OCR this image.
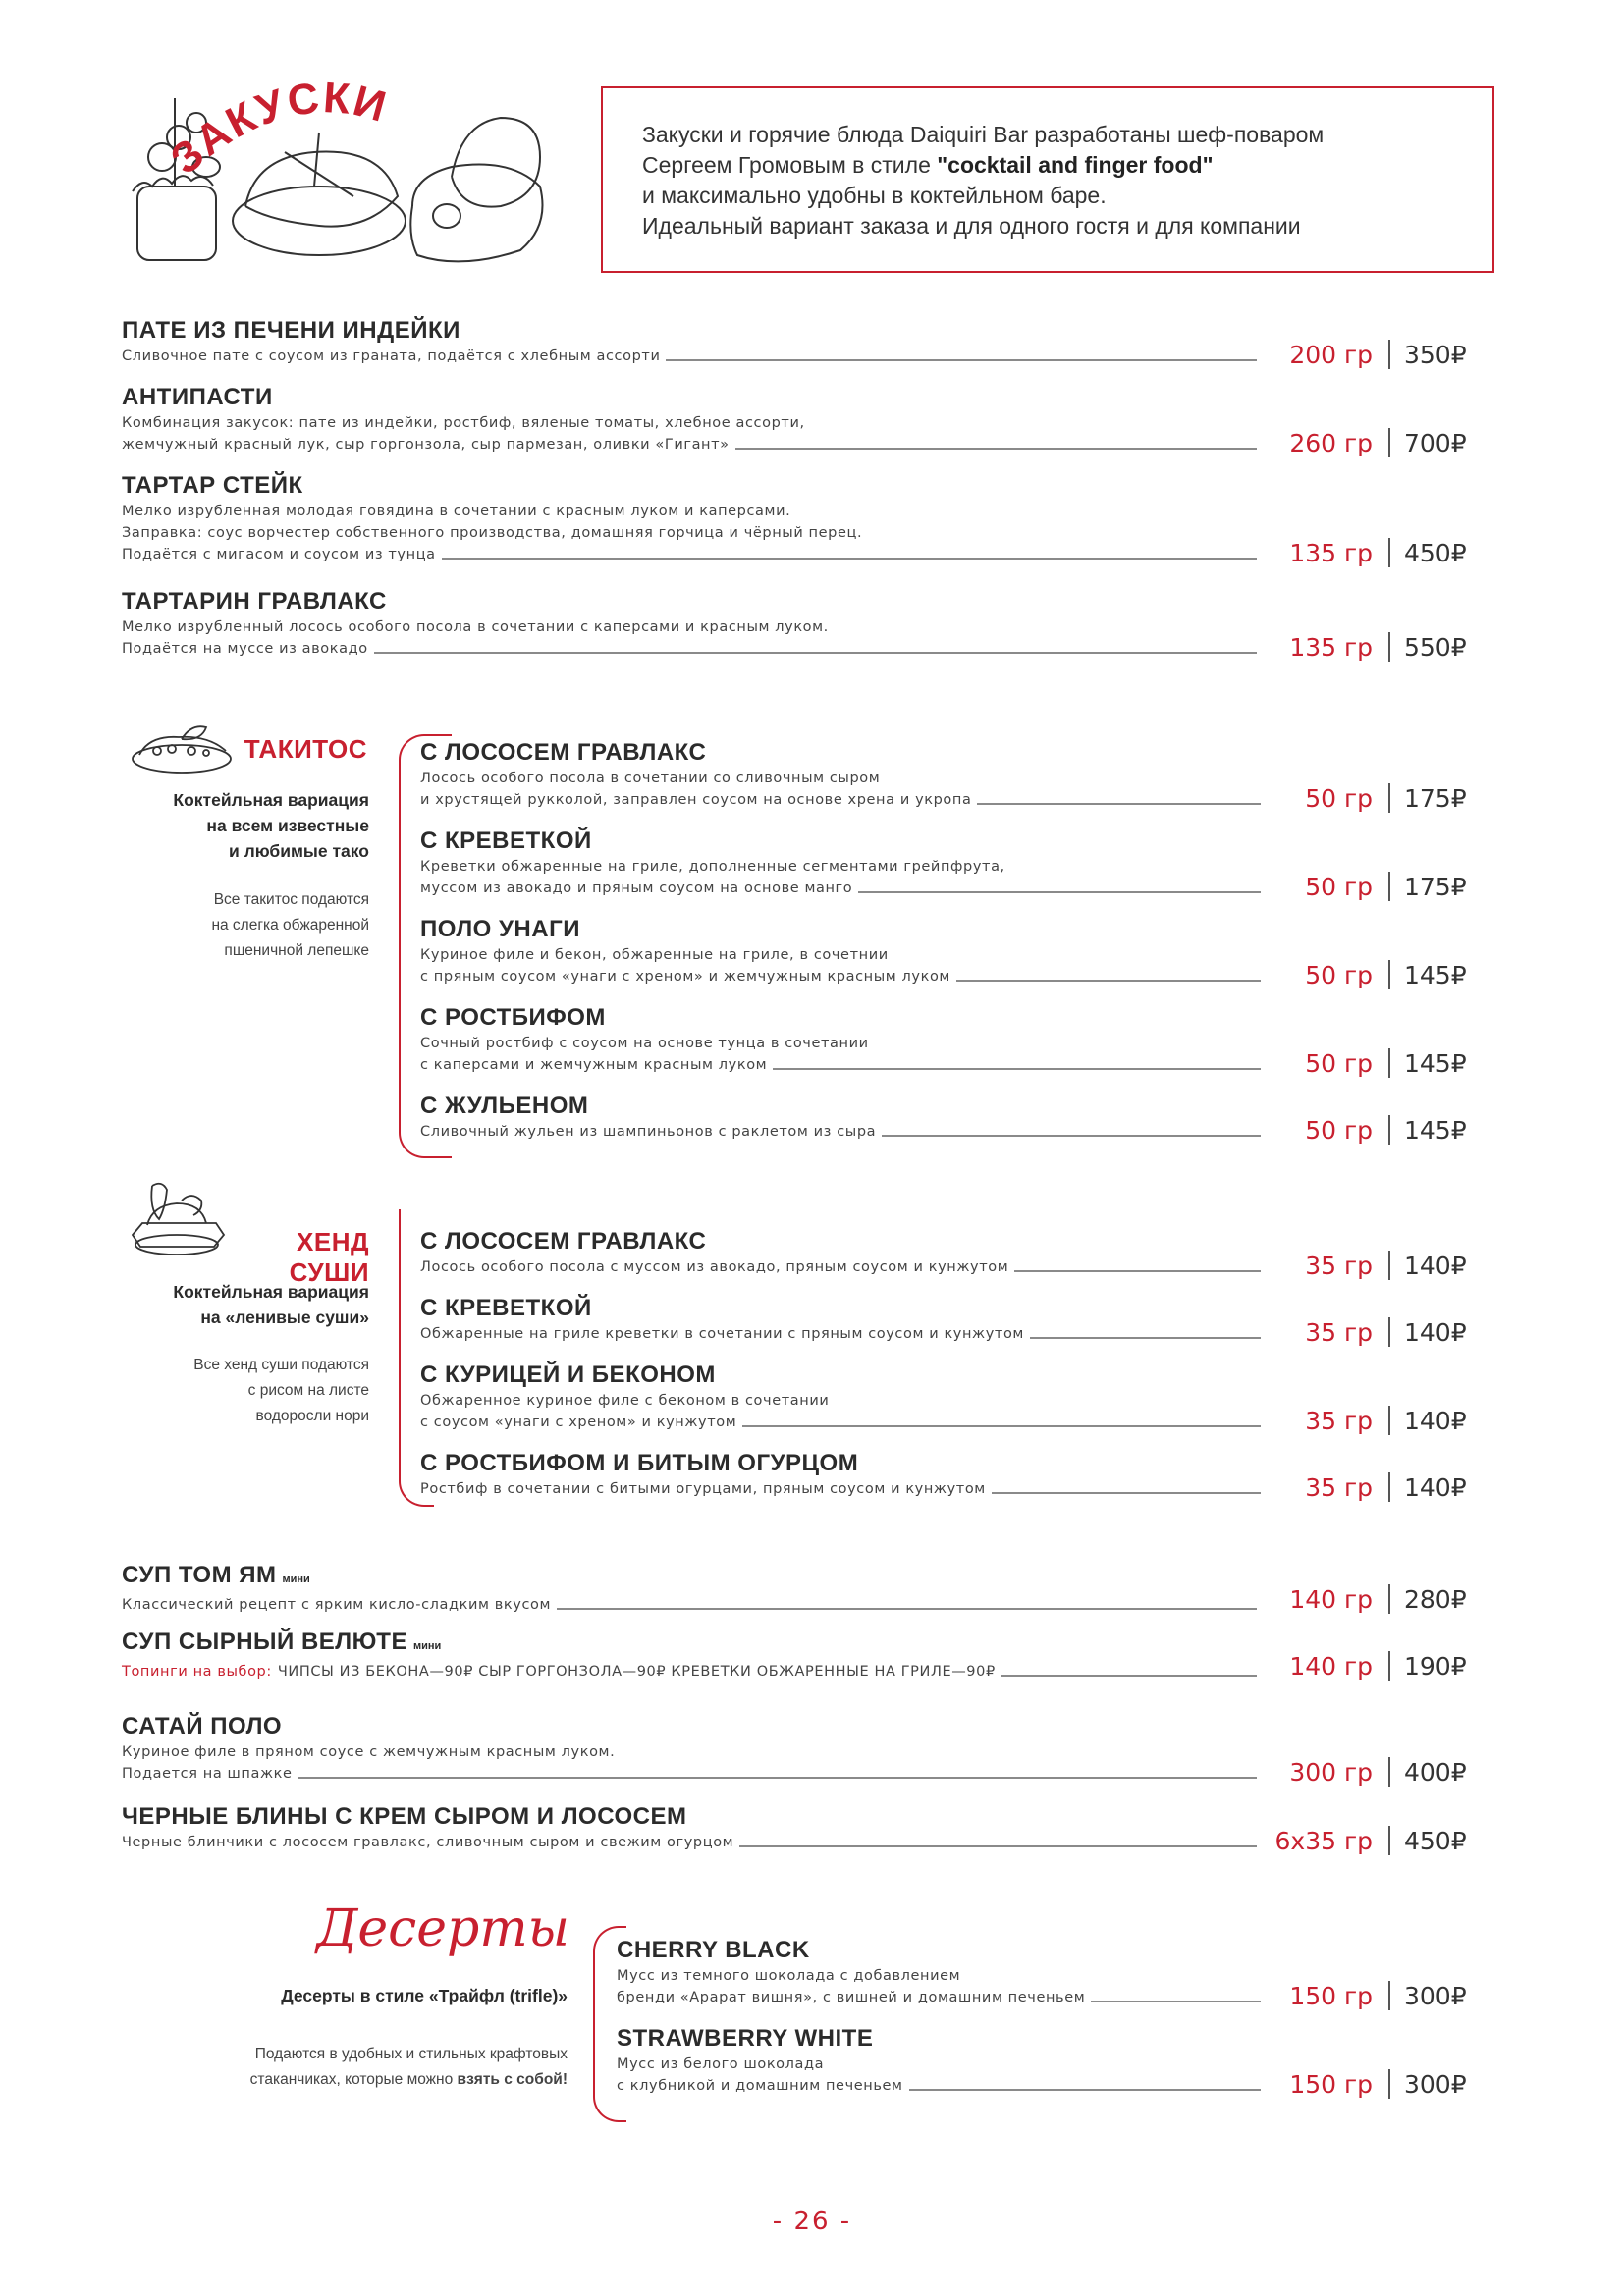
ЗАКУСКИ

Закуски и горячие блюда Daiquiri Bar разработаны шеф-поваром

Сергеем Громовым в стиле "cocktail and finger food"

и максимально удобны в коктейльном баре.

Идеальный вариант заказа и для одного гостя и для компании

ПАТЕ ИЗ ПЕЧЕНИ ИНДЕЙКИ
Сливочное пате с соусом из граната, подаётся с хлебным ассорти	200 гр 350₽
АНТИПАСТИ
Комбинация закусок: пате из индейки, ростбиф, вяленые томаты, хлебное ассорти,
жемчужный красный лук, сыр горгонзола, сыр пармезан, оливки «Гигант»	260 гр 700₽
ТАРТАР СТЕЙК
Мелко изрубленная молодая говядина в сочетании с красным луком и каперсами.
Заправка: соус ворчестер собственного производства, домашняя горчица и чёрный перец.
Подаётся с мигасом и соусом из тунца	135 гр 450₽
ТАРТАРИН ГРАВЛАКС
Мелко изрубленный лосось особого посола в сочетании с каперсами и красным луком.
Подаётся на муссе из авокадо	135 гр 550₽
ТАКИТОС
Коктейльная вариация
на всем известные
и любимые тако
Все такитос подаются
на слегка обжаренной
пшеничной лепешке
С ЛОСОСЕМ ГРАВЛАКС
Лосось особого посола в сочетании со сливочным сыром
и хрустящей рукколой, заправлен соусом на основе хрена и укропа	50 гр 175₽
С КРЕВЕТКОЙ
Креветки обжаренные на гриле, дополненные сегментами грейпфрута,
муссом из авокадо и пряным соусом на основе манго	50 гр 175₽
ПОЛО УНАГИ
Куриное филе и бекон, обжаренные на гриле, в сочетнии
с пряным соусом «унаги с хреном» и жемчужным красным луком	50 гр 145₽
С РОСТБИФОМ
Сочный ростбиф с соусом на основе тунца в сочетании
с каперсами и жемчужным красным луком	50 гр 145₽
С ЖУЛЬЕНОМ
Сливочный жульен из шампиньонов с раклетом из сыра	50 гр 145₽
ХЕНД СУШИ
Коктейльная вариация
на «ленивые суши»
Все хенд суши подаются
с рисом на листе
водоросли нори
С ЛОСОСЕМ ГРАВЛАКС
Лосось особого посола с муссом из авокадо, пряным соусом и кунжутом	35 гр 140₽
С КРЕВЕТКОЙ
Обжаренные на гриле креветки в сочетании с пряным соусом и кунжутом	35 гр 140₽
С КУРИЦЕЙ И БЕКОНОМ
Обжаренное куриное филе с беконом в сочетании
с соусом «унаги с хреном» и кунжутом	35 гр 140₽
С РОСТБИФОМ И БИТЫМ ОГУРЦОМ
Ростбиф в сочетании с битыми огурцами, пряным соусом и кунжутом	35 гр 140₽
СУП ТОМ ЯМ мини
Классический рецепт с ярким кисло-сладким вкусом	140 гр 280₽
СУП СЫРНЫЙ ВЕЛЮТЕ мини
Топинги на выбор: ЧИПСЫ ИЗ БЕКОНА—90₽ СЫР ГОРГОНЗОЛА—90₽ КРЕВЕТКИ ОБЖАРЕННЫЕ НА ГРИЛЕ—90₽	140 гр 190₽
САТАЙ ПОЛО
Куриное филе в пряном соусе с жемчужным красным луком.
Подается на шпажке	300 гр 400₽
ЧЕРНЫЕ БЛИНЫ С КРЕМ СЫРОМ И ЛОСОСЕМ
Черные блинчики с лососем гравлакс, сливочным сыром и свежим огурцом	6x35 гр 450₽
Десерты
Десерты в стиле «Трайфл (trifle)»
Подаются в удобных и стильных крафтовых
стаканчиках, которые можно взять с собой!
CHERRY BLACK
Мусс из темного шоколада с добавлением
бренди «Арарат вишня», с вишней и домашним печеньем	150 гр 300₽
STRAWBERRY WHITE
Мусс из белого шоколада
с клубникой и домашним печеньем	150 гр 300₽
- 26 -
